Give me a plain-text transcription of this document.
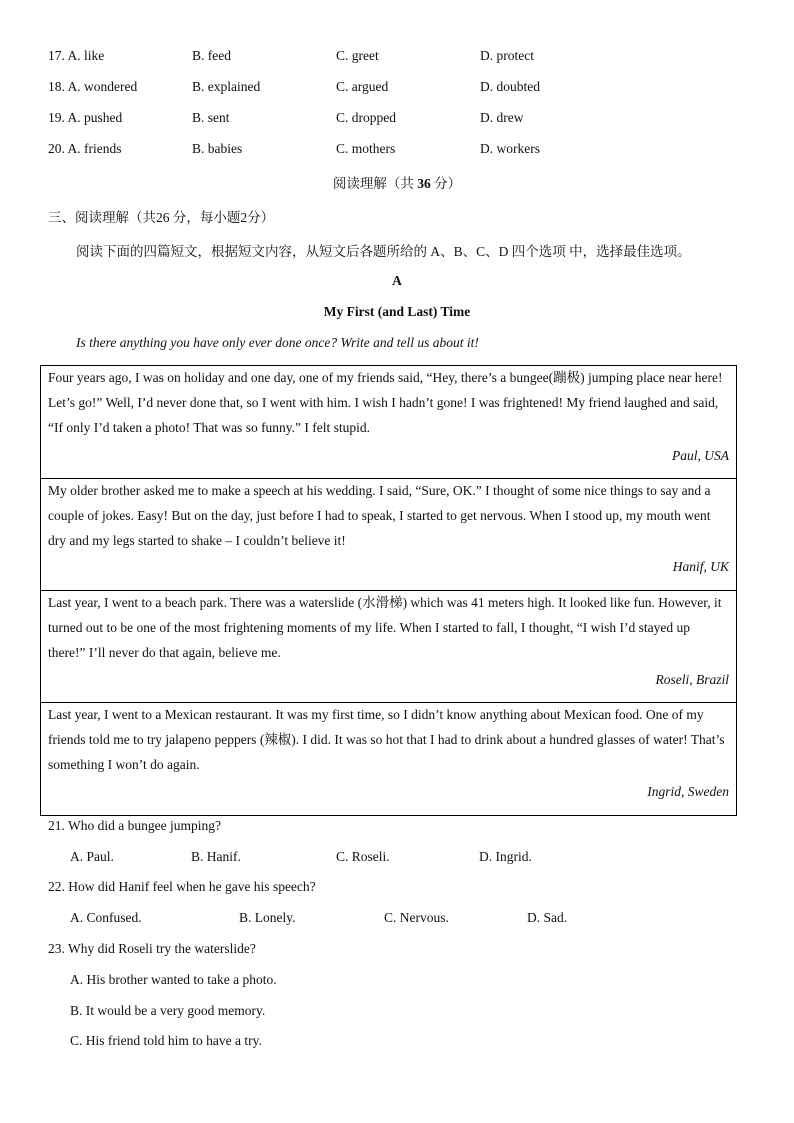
17. A. like	B. feed	C. greet	D. protect
18. A. wondered	B. explained	C. argued	D. doubted
19. A. pushed	B. sent	C. dropped	D. drew
20. A. friends	B. babies	C. mothers	D. workers
阅读理解（共 36 分）
三、阅读理解（共26 分，每小题2分）
阅读下面的四篇短文，根据短文内容，从短文后各题所给的 A、B、C、D 四个选项 中，选择最佳选项。
A
My First (and Last) Time
Is there anything you have only ever done once? Write and tell us about it!
Four years ago, I was on holiday and one day, one of my friends said, “Hey, there’s a bungee(蹦极) jumping place near here! Let’s go!” Well, I’d never done that, so I went with him. I wish I hadn’t gone! I was frightened! My friend laughed and said, “If only I’d taken a photo! That was so funny.” I felt stupid.
Paul, USA
My older brother asked me to make a speech at his wedding. I said, “Sure, OK.” I thought of some nice things to say and a couple of jokes. Easy! But on the day, just before I had to speak, I started to get nervous. When I stood up, my mouth went dry and my legs started to shake – I couldn’t believe it!
Hanif, UK
Last year, I went to a beach park. There was a waterslide (水滑梯) which was 41 meters high. It looked like fun. However, it turned out to be one of the most frightening moments of my life. When I started to fall, I thought, “I wish I’d stayed up there!” I’ll never do that again, believe me.
Roseli, Brazil
Last year, I went to a Mexican restaurant. It was my first time, so I didn’t know anything about Mexican food. One of my friends told me to try jalapeno peppers (辣椒). I did. It was so hot that I had to drink about a hundred glasses of water! That’s something I won’t do again.
Ingrid, Sweden
21. Who did a bungee jumping?
A. Paul.	B. Hanif.	C. Roseli.	D. Ingrid.
22. How did Hanif feel when he gave his speech?
A. Confused.	B. Lonely.	C. Nervous.	D. Sad.
23. Why did Roseli try the waterslide?
A. His brother wanted to take a photo.
B. It would be a very good memory.
C. His friend told him to have a try.
